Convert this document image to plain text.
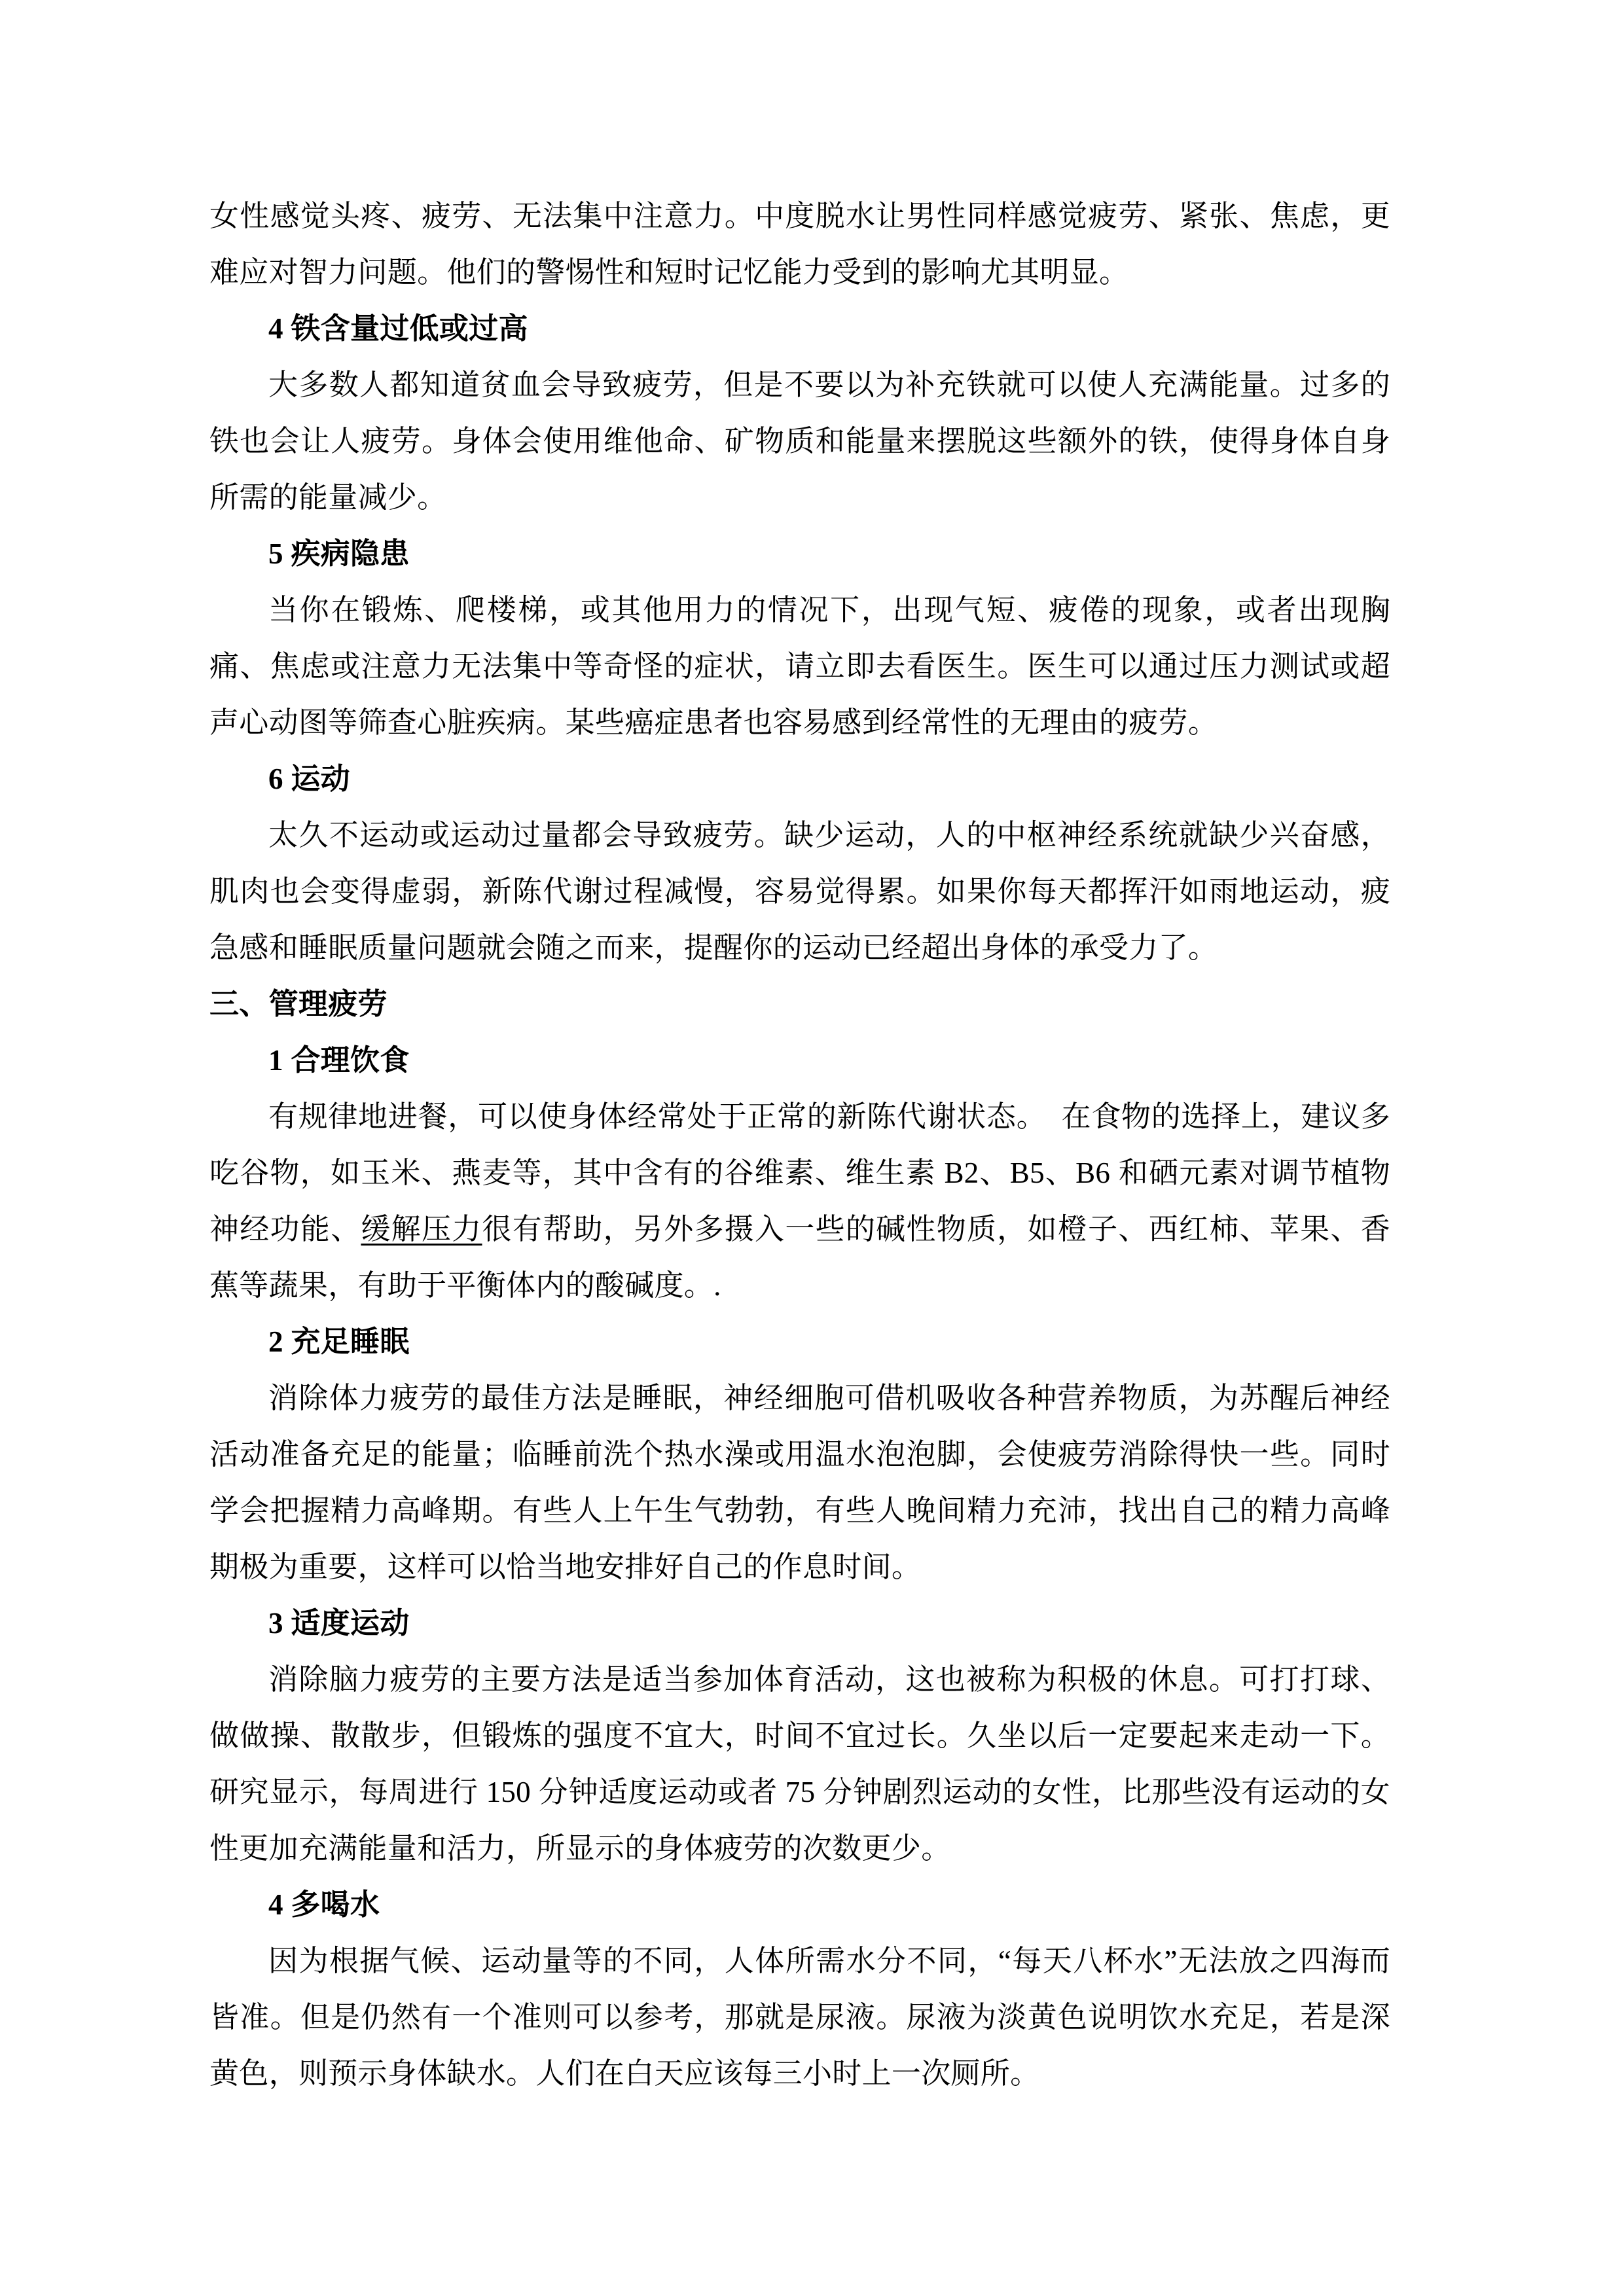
女性感觉头疼、疲劳、无法集中注意力。中度脱水让男性同样感觉疲劳、紧张、焦虑，更难应对智力问题。他们的警惕性和短时记忆能力受到的影响尤其明显。

4 铁含量过低或过高

大多数人都知道贫血会导致疲劳，但是不要以为补充铁就可以使人充满能量。过多的铁也会让人疲劳。身体会使用维他命、矿物质和能量来摆脱这些额外的铁，使得身体自身所需的能量减少。

5 疾病隐患

当你在锻炼、爬楼梯，或其他用力的情况下，出现气短、疲倦的现象，或者出现胸痛、焦虑或注意力无法集中等奇怪的症状，请立即去看医生。医生可以通过压力测试或超声心动图等筛查心脏疾病。某些癌症患者也容易感到经常性的无理由的疲劳。

6 运动

太久不运动或运动过量都会导致疲劳。缺少运动，人的中枢神经系统就缺少兴奋感，肌肉也会变得虚弱，新陈代谢过程减慢，容易觉得累。如果你每天都挥汗如雨地运动，疲急感和睡眠质量问题就会随之而来，提醒你的运动已经超出身体的承受力了。

三、管理疲劳

1 合理饮食

有规律地进餐，可以使身体经常处于正常的新陈代谢状态。　在食物的选择上，建议多吃谷物，如玉米、燕麦等，其中含有的谷维素、维生素 B2、B5、B6 和硒元素对调节植物神经功能、缓解压力很有帮助，另外多摄入一些的碱性物质，如橙子、西红柿、苹果、香蕉等蔬果，有助于平衡体内的酸碱度。.

2 充足睡眠

消除体力疲劳的最佳方法是睡眠，神经细胞可借机吸收各种营养物质，为苏醒后神经活动准备充足的能量；临睡前洗个热水澡或用温水泡泡脚，会使疲劳消除得快一些。同时学会把握精力高峰期。有些人上午生气勃勃，有些人晚间精力充沛，找出自己的精力高峰期极为重要，这样可以恰当地安排好自己的作息时间。

3 适度运动

消除脑力疲劳的主要方法是适当参加体育活动，这也被称为积极的休息。可打打球、做做操、散散步，但锻炼的强度不宜大，时间不宜过长。久坐以后一定要起来走动一下。研究显示，每周进行 150 分钟适度运动或者 75 分钟剧烈运动的女性，比那些没有运动的女性更加充满能量和活力，所显示的身体疲劳的次数更少。

4 多喝水

因为根据气候、运动量等的不同，人体所需水分不同，“每天八杯水”无法放之四海而皆准。但是仍然有一个准则可以参考，那就是尿液。尿液为淡黄色说明饮水充足，若是深黄色，则预示身体缺水。人们在白天应该每三小时上一次厕所。
